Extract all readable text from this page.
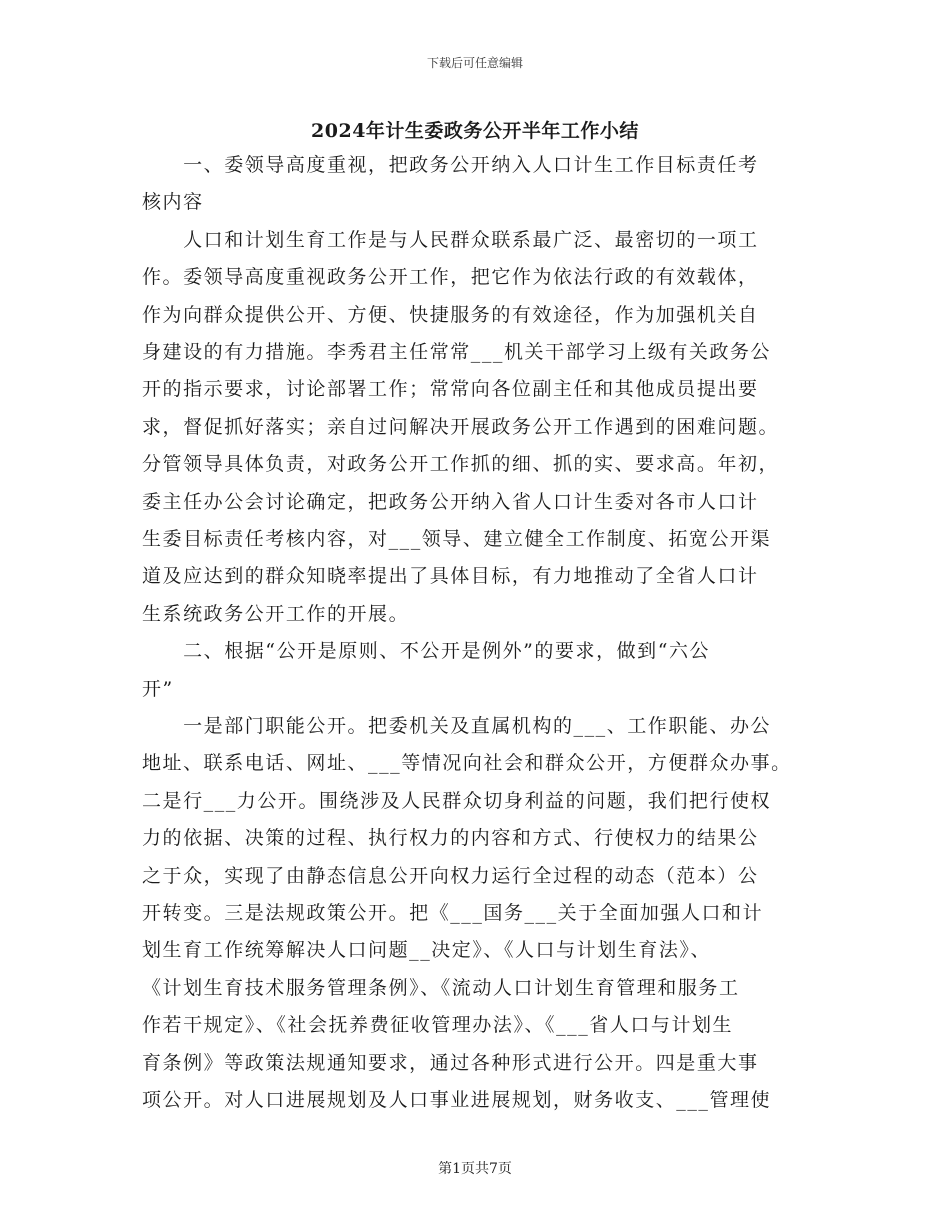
下载后可任意编辑
2024年计生委政务公开半年工作小结
　　一、委领导高度重视，把政务公开纳入人口计生工作目标责任考
核内容
　　人口和计划生育工作是与人民群众联系最广泛、最密切的一项工
作。委领导高度重视政务公开工作，把它作为依法行政的有效载体，
作为向群众提供公开、方便、快捷服务的有效途径，作为加强机关自
身建设的有力措施。李秀君主任常常___机关干部学习上级有关政务公
开的指示要求，讨论部署工作；常常向各位副主任和其他成员提出要
求，督促抓好落实；亲自过问解决开展政务公开工作遇到的困难问题。
分管领导具体负责，对政务公开工作抓的细、抓的实、要求高。年初，
委主任办公会讨论确定，把政务公开纳入省人口计生委对各市人口计
生委目标责任考核内容，对___领导、建立健全工作制度、拓宽公开渠
道及应达到的群众知晓率提出了具体目标，有力地推动了全省人口计
生系统政务公开工作的开展。
　　二、根据“公开是原则、不公开是例外”的要求，做到“六公
开”
　　一是部门职能公开。把委机关及直属机构的___、工作职能、办公
地址、联系电话、网址、___等情况向社会和群众公开，方便群众办事。
二是行___力公开。围绕涉及人民群众切身利益的问题，我们把行使权
力的依据、决策的过程、执行权力的内容和方式、行使权力的结果公
之于众，实现了由静态信息公开向权力运行全过程的动态（范本）公
开转变。三是法规政策公开。把《___国务___关于全面加强人口和计
划生育工作统筹解决人口问题__决定》、《人口与计划生育法》、
《计划生育技术服务管理条例》、《流动人口计划生育管理和服务工
作若干规定》、《社会抚养费征收管理办法》、《___省人口与计划生
育条例》等政策法规通知要求，通过各种形式进行公开。四是重大事
项公开。对人口进展规划及人口事业进展规划，财务收支、___管理使
第1页共7页
